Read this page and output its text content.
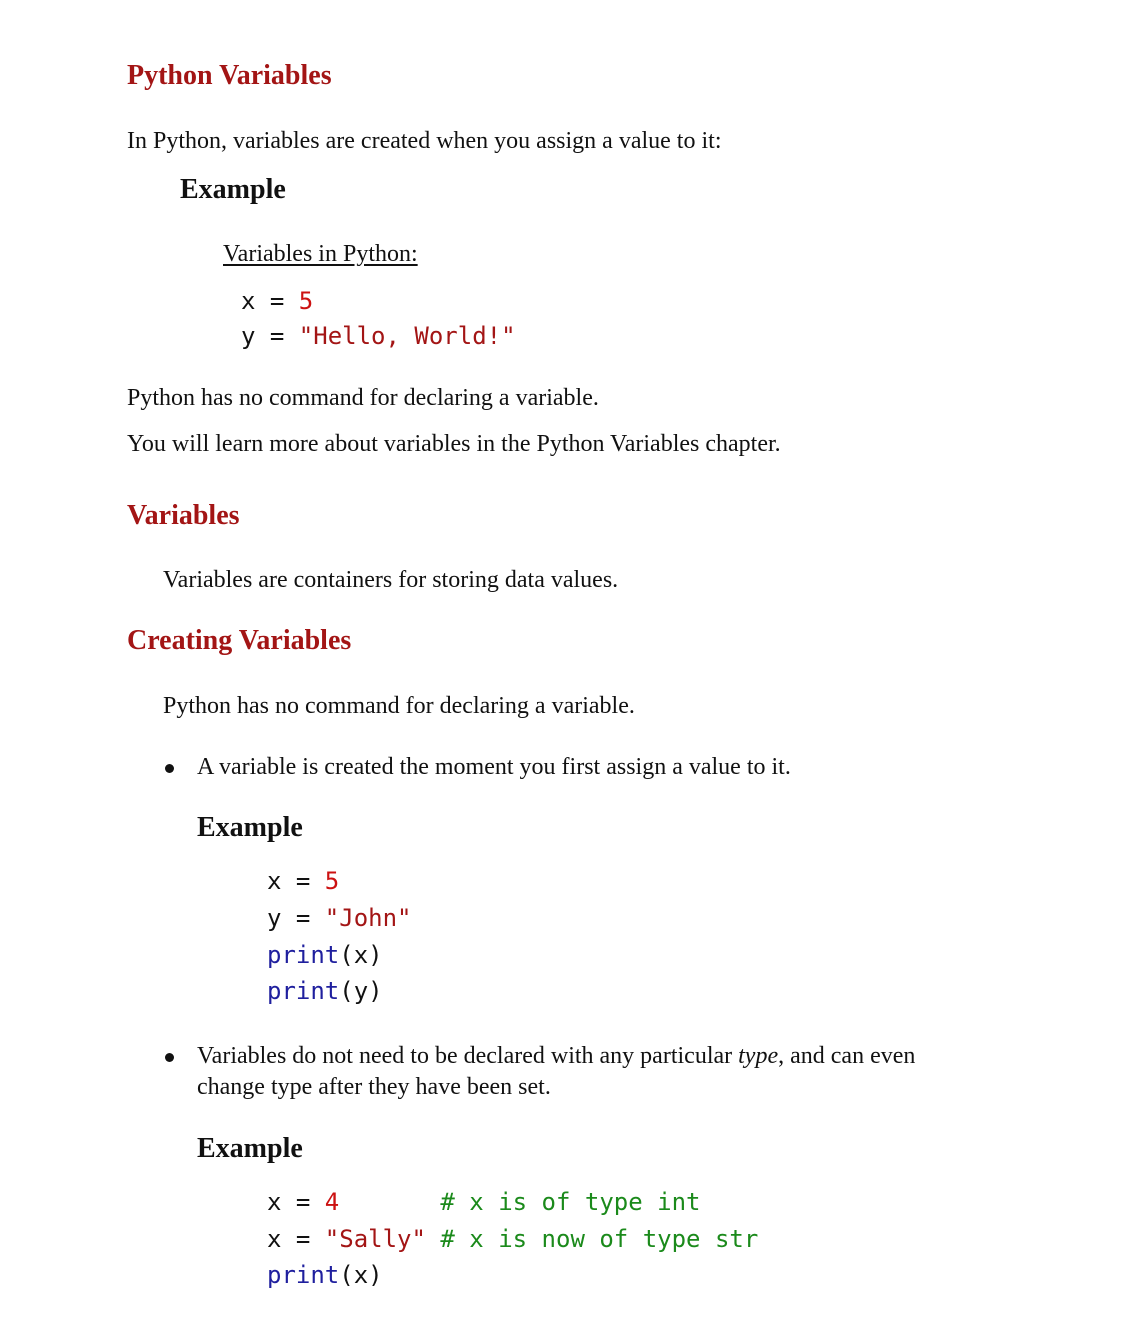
Python Variables
In Python, variables are created when you assign a value to it:
Example
Variables in Python:
x = 5
y = "Hello, World!"
Python has no command for declaring a variable.
You will learn more about variables in the Python Variables chapter.
Variables
Variables are containers for storing data values.
Creating Variables
Python has no command for declaring a variable.
A variable is created the moment you first assign a value to it.
Example
x = 5
y = "John"
print(x)
print(y)
Variables do not need to be declared with any particular type, and can even
change type after they have been set.
Example
x = 4	# x is of type int
x = "Sally" # x is now of type str
print(x)
